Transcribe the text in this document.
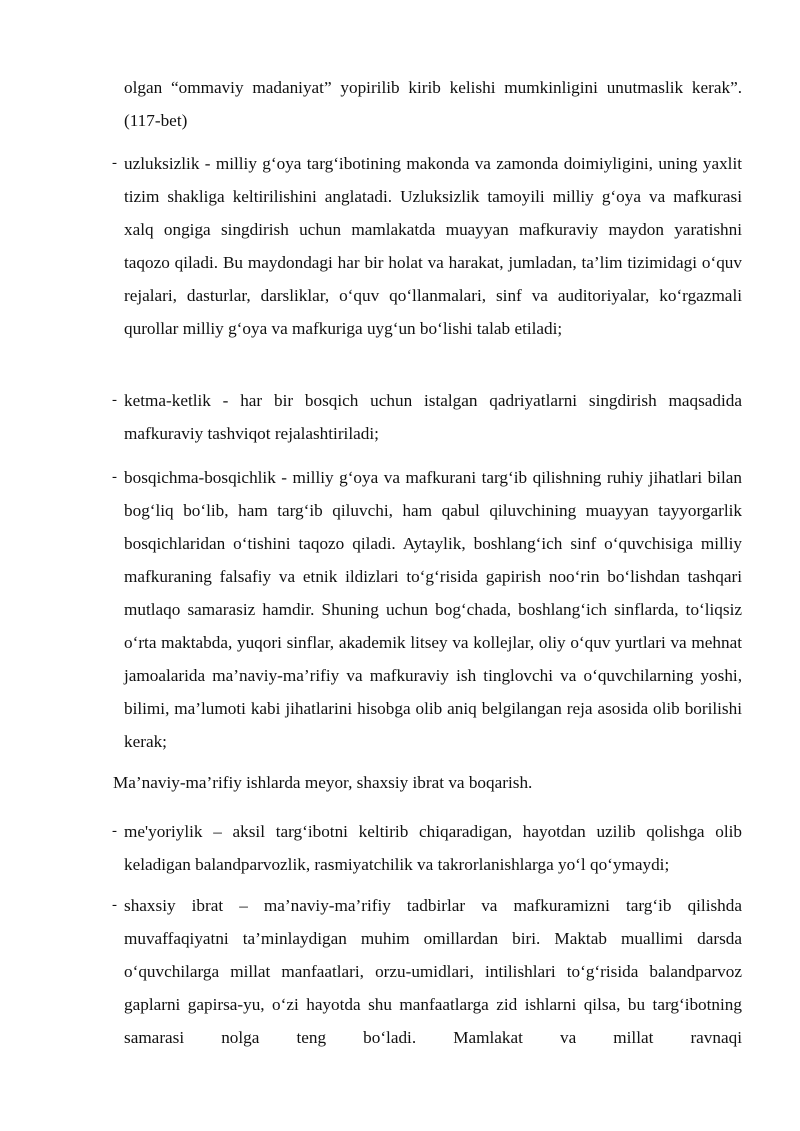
olgan “ommaviy madaniyat” yopirilib kirib kelishi mumkinligini unutmaslik kerak”. (117-bet)
- uzluksizlik - milliy g‘oya targ‘ibotining makonda va zamonda doimiyligini, uning yaxlit tizim shakliga keltirilishini anglatadi. Uzluksizlik tamoyili milliy g‘oya va mafkurasi xalq ongiga singdirish uchun mamlakatda muayyan mafkuraviy maydon yaratishni taqozo qiladi. Bu maydondagi har bir holat va harakat, jumladan, ta’lim tizimidagi o‘quv rejalari, dasturlar, darsliklar, o‘quv qo‘llanmalari, sinf va auditoriyalar, ko‘rgazmali qurollar milliy g‘oya va mafkuriga uyg‘un bo‘lishi talab etiladi;
- ketma-ketlik - har bir bosqich uchun istalgan qadriyatlarni singdirish maqsadida mafkuraviy tashviqot rejalashtiriladi;
- bosqichma-bosqichlik - milliy g‘oya va mafkurani targ‘ib qilishning ruhiy jihatlari bilan bog‘liq bo‘lib, ham targ‘ib qiluvchi, ham qabul qiluvchining muayyan tayyorgarlik bosqichlaridan o‘tishini taqozo qiladi. Aytaylik, boshlang‘ich sinf o‘quvchisiga milliy mafkuraning falsafiy va etnik ildizlari to‘g‘risida gapirish noo‘rin bo‘lishdan tashqari mutlaqo samarasiz hamdir. Shuning uchun bog‘chada, boshlang‘ich sinflarda, to‘liqsiz o‘rta maktabda, yuqori sinflar, akademik litsey va kollejlar, oliy o‘quv yurtlari va mehnat jamoalarida ma’naviy-ma’rifiy va mafkuraviy ish tinglovchi va o‘quvchilarning yoshi, bilimi, ma’lumoti kabi jihatlarini hisobga olib aniq belgilangan reja asosida olib borilishi kerak;
Ma’naviy-ma’rifiy ishlarda meyor, shaxsiy ibrat va boqarish.
- me'yoriylik – aksil targ‘ibotni keltirib chiqaradigan, hayotdan uzilib qolishga olib keladigan balandparvozlik, rasmiyatchilik va takrorlanishlarga yo‘l qo‘ymaydi;
- shaxsiy ibrat – ma’naviy-ma’rifiy tadbirlar va mafkuramizni targ‘ib qilishda muvaffaqiyatni ta’minlaydigan muhim omillardan biri. Maktab muallimi darsda o‘quvchilarga millat manfaatlari, orzu-umidlari, intilishlari to‘g‘risida balandparvoz gaplarni gapirsa-yu, o‘zi hayotda shu manfaatlarga zid ishlarni qilsa, bu targ‘ibotning samarasi nolga teng bo‘ladi. Mamlakat va millat ravnaqi
